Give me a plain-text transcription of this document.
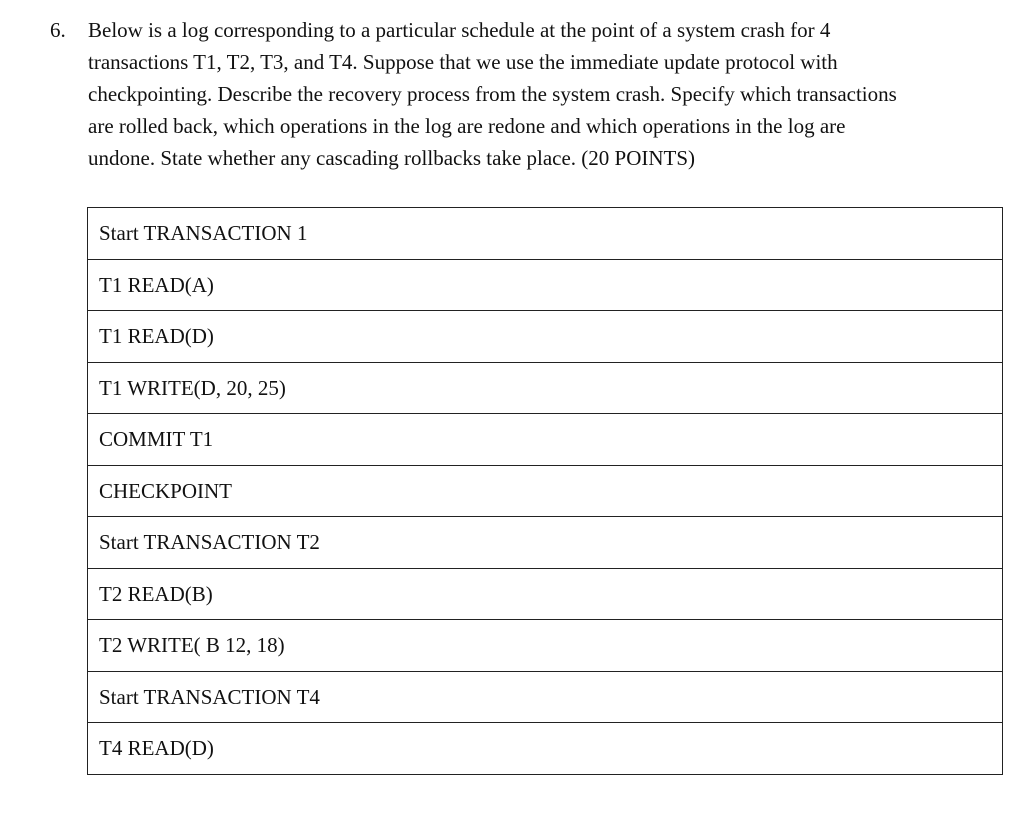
6. Below is a log corresponding to a particular schedule at the point of a system crash for 4
transactions T1, T2, T3, and T4. Suppose that we use the immediate update protocol with
checkpointing. Describe the recovery process from the system crash. Specify which transactions
are rolled back, which operations in the log are redone and which operations in the log are
undone. State whether any cascading rollbacks take place. (20 POINTS)
Start TRANSACTION 1
T1 READ(A)
T1 READ(D)
T1 WRITE(D, 20, 25)
COMMIT T1
CHECKPOINT
Start TRANSACTION T2
T2 READ(B)
T2 WRITE( B 12, 18)
Start TRANSACTION T4
T4 READ(D)
